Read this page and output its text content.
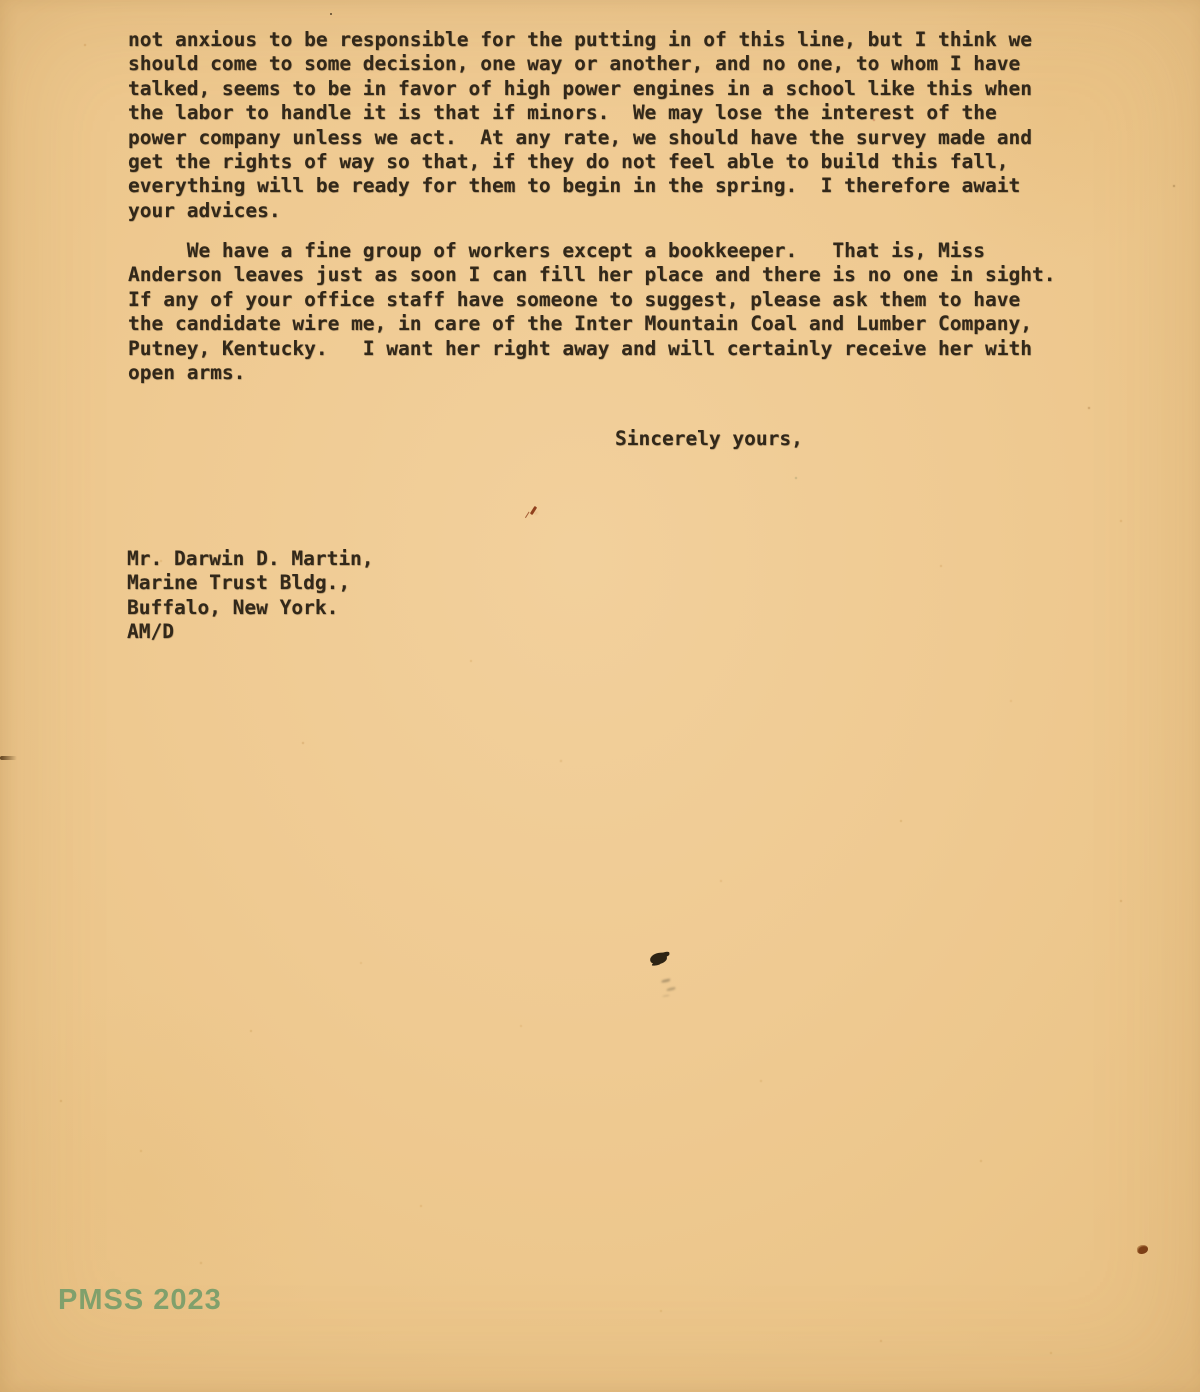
not anxious to be responsible for the putting in of this line, but I think we
should come to some decision, one way or another, and no one, to whom I have
talked, seems to be in favor of high power engines in a school like this when
the labor to handle it is that if minors.  We may lose the interest of the
power company unless we act.  At any rate, we should have the survey made and
get the rights of way so that, if they do not feel able to build this fall,
everything will be ready for them to begin in the spring.  I therefore await
your advices.
We have a fine group of workers except a bookkeeper.   That is, Miss
Anderson leaves just as soon I can fill her place and there is no one in sight.
If any of your office staff have someone to suggest, please ask them to have
the candidate wire me, in care of the Inter Mountain Coal and Lumber Company,
Putney, Kentucky.   I want her right away and will certainly receive her with
open arms.
Sincerely yours,
Mr. Darwin D. Martin,
Marine Trust Bldg.,
Buffalo, New York.
AM/D
PMSS 2023
